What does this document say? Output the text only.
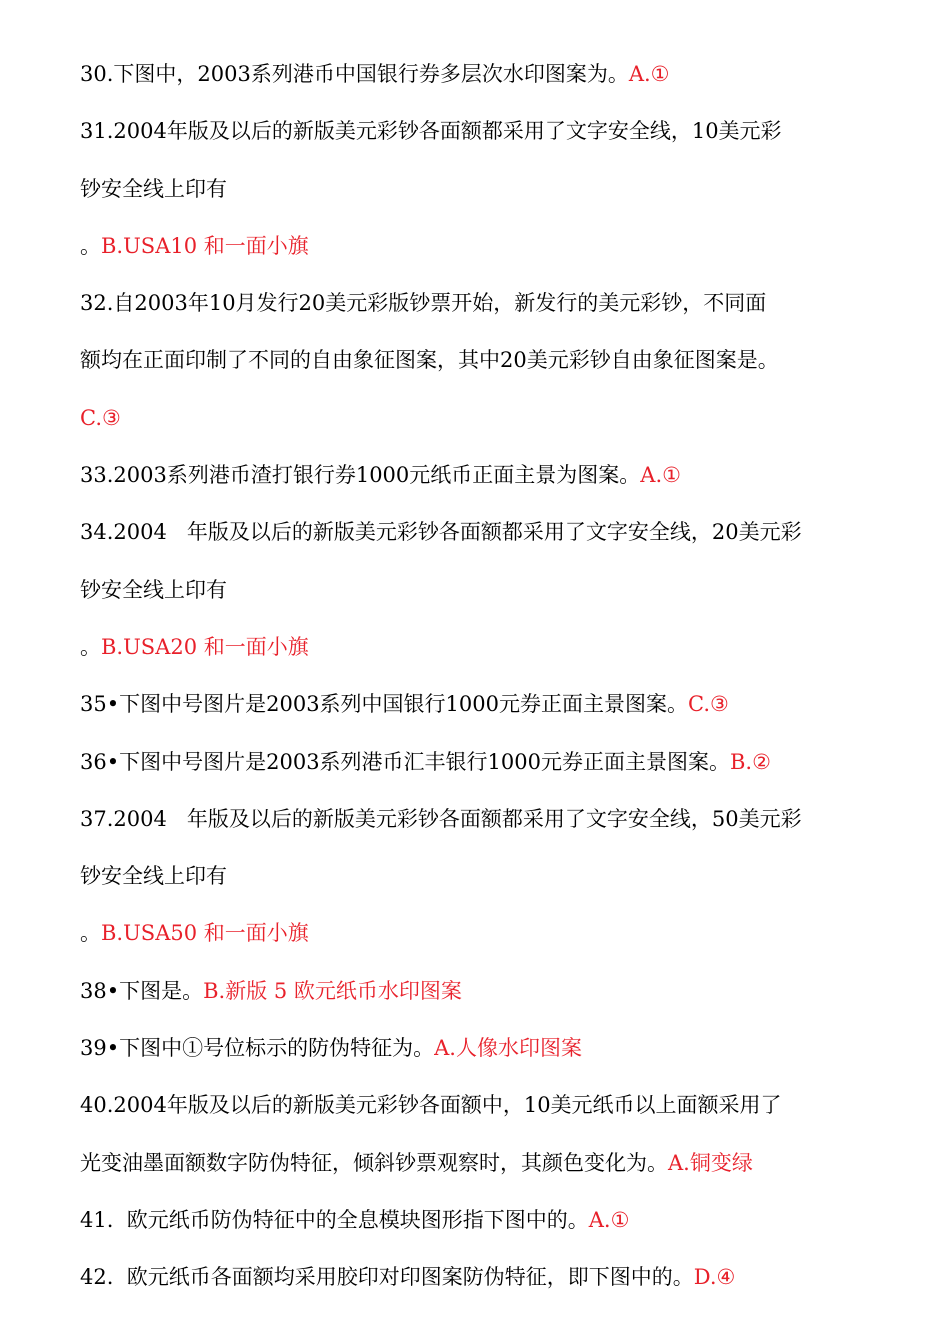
30.下图中，2003系列港币中国银行券多层次水印图案为。A.①
31.2004年版及以后的新版美元彩钞各面额都采用了文字安全线，10美元彩
钞安全线上印有
。B.USA10 和一面小旗
32.自2003年10月发行20美元彩版钞票开始，新发行的美元彩钞，不同面
额均在正面印制了不同的自由象征图案，其中20美元彩钞自由象征图案是。
C.③
33.2003系列港币渣打银行券1000元纸币正面主景为图案。A.①
34.2004   年版及以后的新版美元彩钞各面额都采用了文字安全线，20美元彩
钞安全线上印有
。B.USA20 和一面小旗
35•下图中号图片是2003系列中国银行1000元券正面主景图案。C.③
36•下图中号图片是2003系列港币汇丰银行1000元券正面主景图案。B.②
37.2004   年版及以后的新版美元彩钞各面额都采用了文字安全线，50美元彩
钞安全线上印有
。B.USA50 和一面小旗
38•下图是。B.新版 5 欧元纸币水印图案
39•下图中①号位标示的防伪特征为。A.人像水印图案
40.2004年版及以后的新版美元彩钞各面额中，10美元纸币以上面额采用了
光变油墨面额数字防伪特征，倾斜钞票观察时，其颜色变化为。A.铜变绿
41.  欧元纸币防伪特征中的全息模块图形指下图中的。A.①
42.  欧元纸币各面额均采用胶印对印图案防伪特征，即下图中的。D.④
